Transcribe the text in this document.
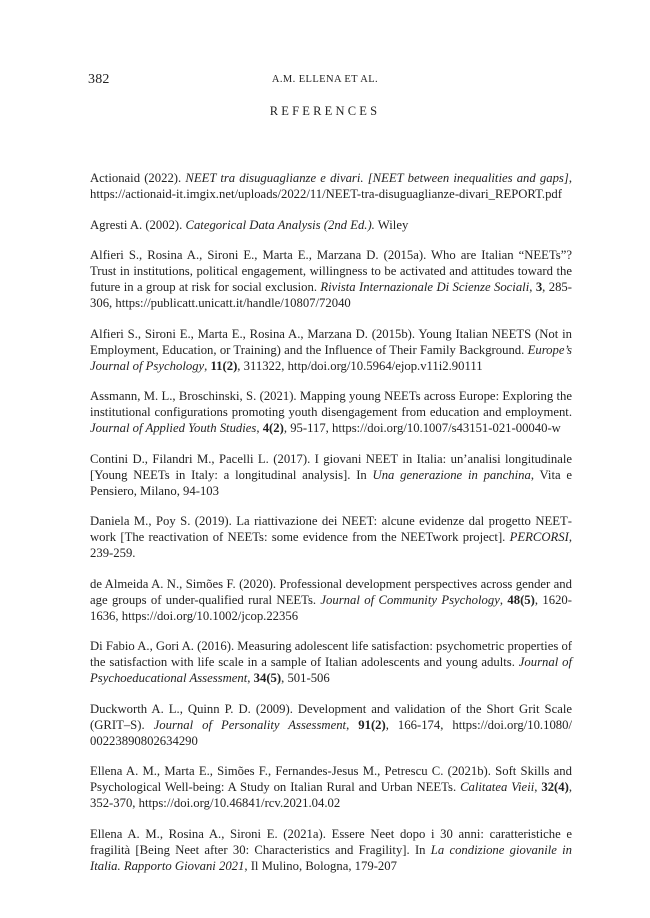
382	A.M. ELLENA ET AL.
REFERENCES
Actionaid (2022). NEET tra disuguaglianze e divari. [NEET between inequalities and gaps], https://actionaid-it.imgix.net/uploads/2022/11/NEET-tra-disuguaglianze-divari_REPORT.pdf
Agresti A. (2002). Categorical Data Analysis (2nd Ed.). Wiley
Alfieri S., Rosina A., Sironi E., Marta E., Marzana D. (2015a). Who are Italian “NEETs”? Trust in institutions, political engagement, willingness to be activated and attitudes toward the future in a group at risk for social exclusion. Rivista Internazionale Di Scienze Sociali, 3, 285-306, https://publicatt.unicatt.it/handle/10807/72040
Alfieri S., Sironi E., Marta E., Rosina A., Marzana D. (2015b). Young Italian NEETS (Not in Employment, Education, or Training) and the Influence of Their Family Background. Europe’s Journal of Psychology, 11(2), 311322, http/doi.org/10.5964/ejop.v11i2.90111
Assmann, M. L., Broschinski, S. (2021). Mapping young NEETs across Europe: Exploring the institutional configurations promoting youth disengagement from education and employment. Journal of Applied Youth Studies, 4(2), 95-117, https://doi.org/10.1007/s43151-021-00040-w
Contini D., Filandri M., Pacelli L. (2017). I giovani NEET in Italia: un’analisi longitudinale [Young NEETs in Italy: a longitudinal analysis]. In Una generazione in panchina, Vita e Pensiero, Milano, 94-103
Daniela M., Poy S. (2019). La riattivazione dei NEET: alcune evidenze dal progetto NEETwork [The reactivation of NEETs: some evidence from the NEETwork project]. PERCORSI, 239-259.
de Almeida A. N., Simões F. (2020). Professional development perspectives across gender and age groups of under-qualified rural NEETs. Journal of Community Psychology, 48(5), 1620-1636, https://doi.org/10.1002/jcop.22356
Di Fabio A., Gori A. (2016). Measuring adolescent life satisfaction: psychometric properties of the satisfaction with life scale in a sample of Italian adolescents and young adults. Journal of Psychoeducational Assessment, 34(5), 501-506
Duckworth A. L., Quinn P. D. (2009). Development and validation of the Short Grit Scale (GRIT–S). Journal of Personality Assessment, 91(2), 166-174, https://doi.org/10.1080/ 00223890802634290
Ellena A. M., Marta E., Simões F., Fernandes-Jesus M., Petrescu C. (2021b). Soft Skills and Psychological Well-being: A Study on Italian Rural and Urban NEETs. Calitatea Vieii, 32(4), 352-370, https://doi.org/10.46841/rcv.2021.04.02
Ellena A. M., Rosina A., Sironi E. (2021a). Essere Neet dopo i 30 anni: caratteristiche e fragilità [Being Neet after 30: Characteristics and Fragility]. In La condizione giovanile in Italia. Rapporto Giovani 2021, Il Mulino, Bologna, 179-207
